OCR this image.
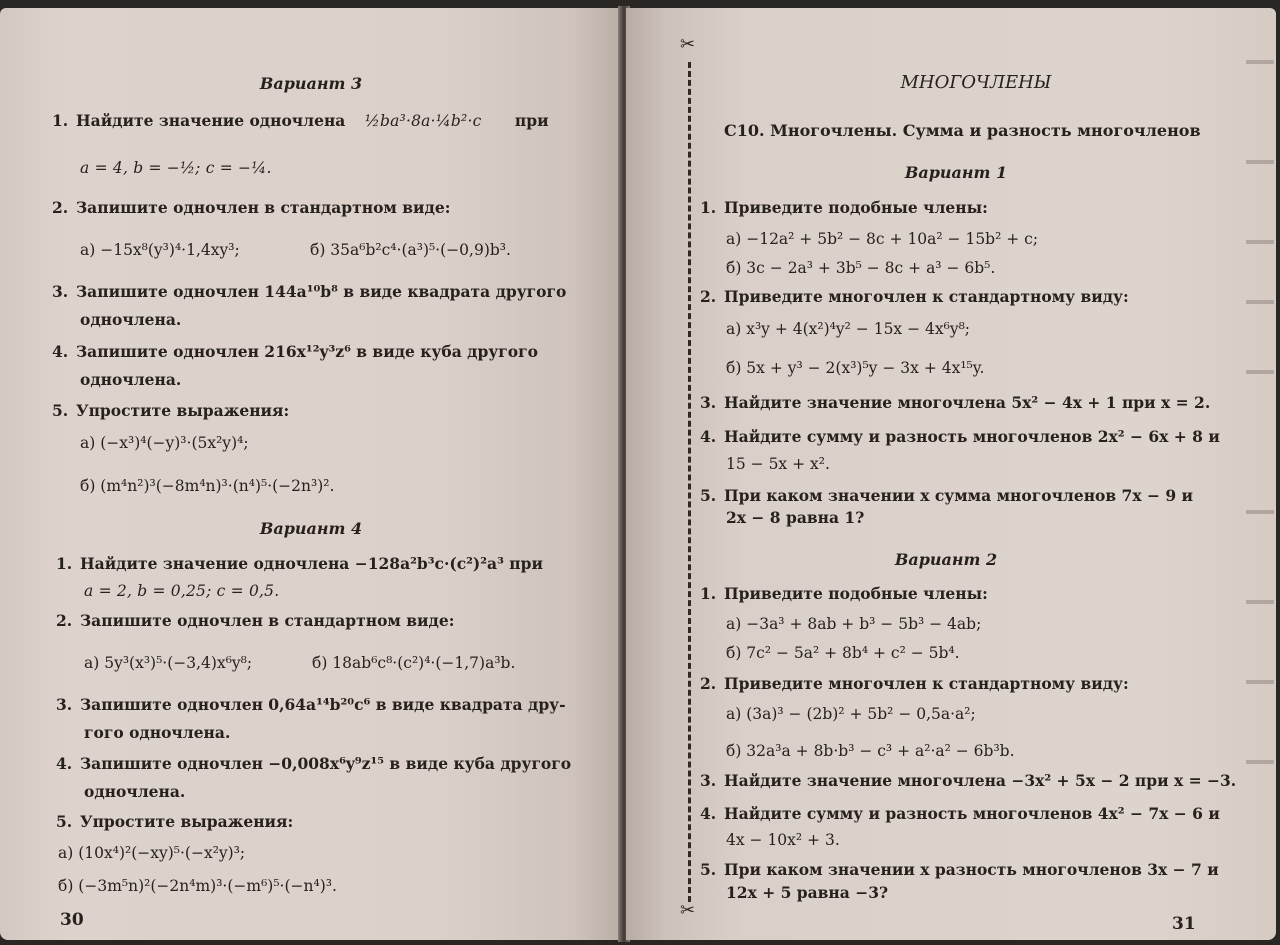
Вариант 3
1. Найдите значение одночлена ½ba³·8a·¼b²·c при
a = 4, b = −½; c = −¼.
2. Запишите одночлен в стандартном виде:
а) −15x⁸(y³)⁴·1,4xy³;	б) 35a⁶b²c⁴·(a³)⁵·(−0,9)b³.
3. Запишите одночлен 144a¹⁰b⁸ в виде квадрата другого
одночлена.
4. Запишите одночлен 216x¹²y³z⁶ в виде куба другого
одночлена.
5. Упростите выражения:
а) (−x³)⁴(−y)³·(5x²y)⁴;
б) (m⁴n²)³(−8m⁴n)³·(n⁴)⁵·(−2n³)².
Вариант 4
1. Найдите значение одночлена −128a²b³c·(c²)²a³ при
a = 2, b = 0,25; c = 0,5.
2. Запишите одночлен в стандартном виде:
а) 5y³(x³)⁵·(−3,4)x⁶y⁸;	б) 18ab⁶c⁸·(c²)⁴·(−1,7)a³b.
3. Запишите одночлен 0,64a¹⁴b²⁰c⁶ в виде квадрата дру-
гого одночлена.
4. Запишите одночлен −0,008x⁶y⁹z¹⁵ в виде куба другого
одночлена.
5. Упростите выражения:
а) (10x⁴)²(−xy)⁵·(−x²y)³;
б) (−3m⁵n)²(−2n⁴m)³·(−m⁶)⁵·(−n⁴)³.
30
МНОГОЧЛЕНЫ
С10. Многочлены. Сумма и разность многочленов
Вариант 1
1. Приведите подобные члены:
а) −12a² + 5b² − 8c + 10a² − 15b² + c;
б) 3c − 2a³ + 3b⁵ − 8c + a³ − 6b⁵.
2. Приведите многочлен к стандартному виду:
а) x³y + 4(x²)⁴y² − 15x − 4x⁶y⁸;
б) 5x + y³ − 2(x³)⁵y − 3x + 4x¹⁵y.
3. Найдите значение многочлена 5x² − 4x + 1 при x = 2.
4. Найдите сумму и разность многочленов 2x² − 6x + 8 и
15 − 5x + x².
5. При каком значении x сумма многочленов 7x − 9 и
2x − 8 равна 1?
Вариант 2
1. Приведите подобные члены:
а) −3a³ + 8ab + b³ − 5b³ − 4ab;
б) 7c² − 5a² + 8b⁴ + c² − 5b⁴.
2. Приведите многочлен к стандартному виду:
а) (3a)³ − (2b)² + 5b² − 0,5a·a²;
б) 32a³a + 8b·b³ − c³ + a²·a² − 6b³b.
3. Найдите значение многочлена −3x² + 5x − 2 при x = −3.
4. Найдите сумму и разность многочленов 4x² − 7x − 6 и
4x − 10x² + 3.
5. При каком значении x разность многочленов 3x − 7 и
12x + 5 равна −3?
31
✂
✂
